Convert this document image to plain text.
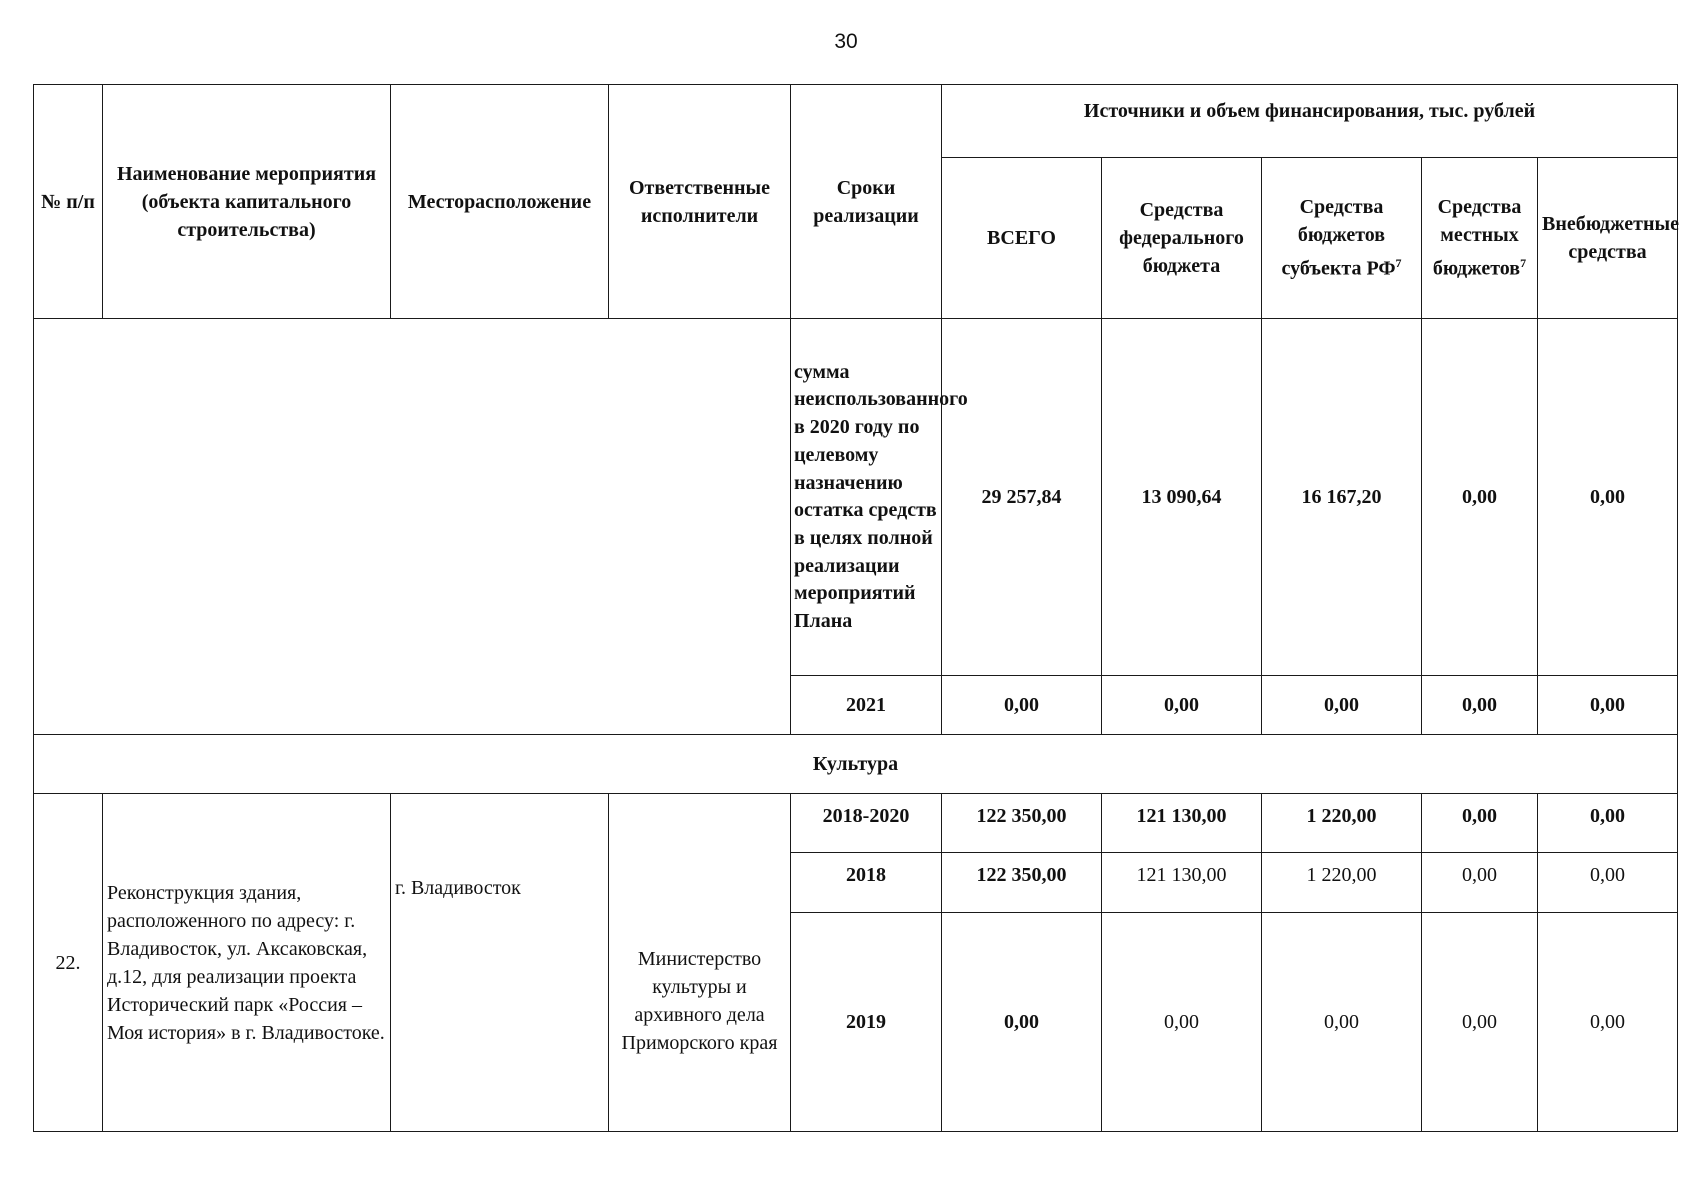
30
№ п/п	Наименование мероприятия (объекта капитального строительства)	Месторасположение	Ответственные исполнители	Сроки реализации	Источники и объем финансирования, тыс. рублей				
					ВСЕГО	Средства федерального бюджета	Средства бюджетов субъекта $РФ^7$	Средства местных бюджетов$^7$	Внебюджетные средства
				сумма неиспользованного в 2020 году по целевому назначению остатка средств в целях полной реализации мероприятий Плана	29 257,84	13 090,64	16 167,20	0,00	0,00
				2021	0,00	0,00	0,00	0,00	0,00
Культура									
22.	Реконструкция здания, расположенного по адресу: г. Владивосток, ул. Аксаковская, д.12, для реализации проекта Исторический парк «Россия – Моя история» в г. Владивостоке.	г. Владивосток	Министерство культуры и архивного дела Приморского края	2018-2020	122 350,00	121 130,00	1 220,00	0,00	0,00
				2018	122 350,00	121 130,00	1 220,00	0,00	0,00
				2019	0,00	0,00	0,00	0,00	0,00
